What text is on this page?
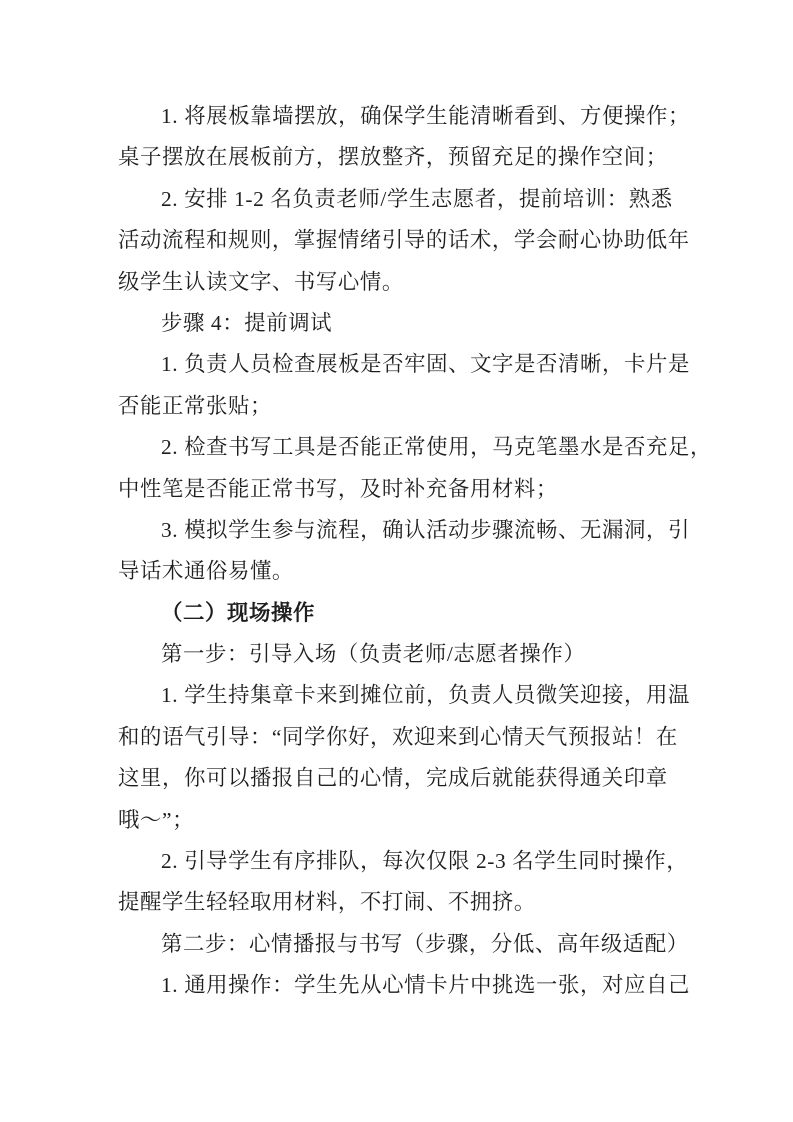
1. 将展板靠墙摆放，确保学生能清晰看到、方便操作；
桌子摆放在展板前方，摆放整齐，预留充足的操作空间；
2. 安排 1-2 名负责老师/学生志愿者，提前培训：熟悉
活动流程和规则，掌握情绪引导的话术，学会耐心协助低年
级学生认读文字、书写心情。
步骤 4：提前调试
1. 负责人员检查展板是否牢固、文字是否清晰，卡片是
否能正常张贴；
2. 检查书写工具是否能正常使用，马克笔墨水是否充足，
中性笔是否能正常书写，及时补充备用材料；
3. 模拟学生参与流程，确认活动步骤流畅、无漏洞，引
导话术通俗易懂。
（二）现场操作
第一步：引导入场（负责老师/志愿者操作）
1. 学生持集章卡来到摊位前，负责人员微笑迎接，用温
和的语气引导：“同学你好，欢迎来到心情天气预报站！在
这里，你可以播报自己的心情，完成后就能获得通关印章
哦～”；
2. 引导学生有序排队，每次仅限 2-3 名学生同时操作，
提醒学生轻轻取用材料，不打闹、不拥挤。
第二步：心情播报与书写（步骤，分低、高年级适配）
1. 通用操作：学生先从心情卡片中挑选一张，对应自己
